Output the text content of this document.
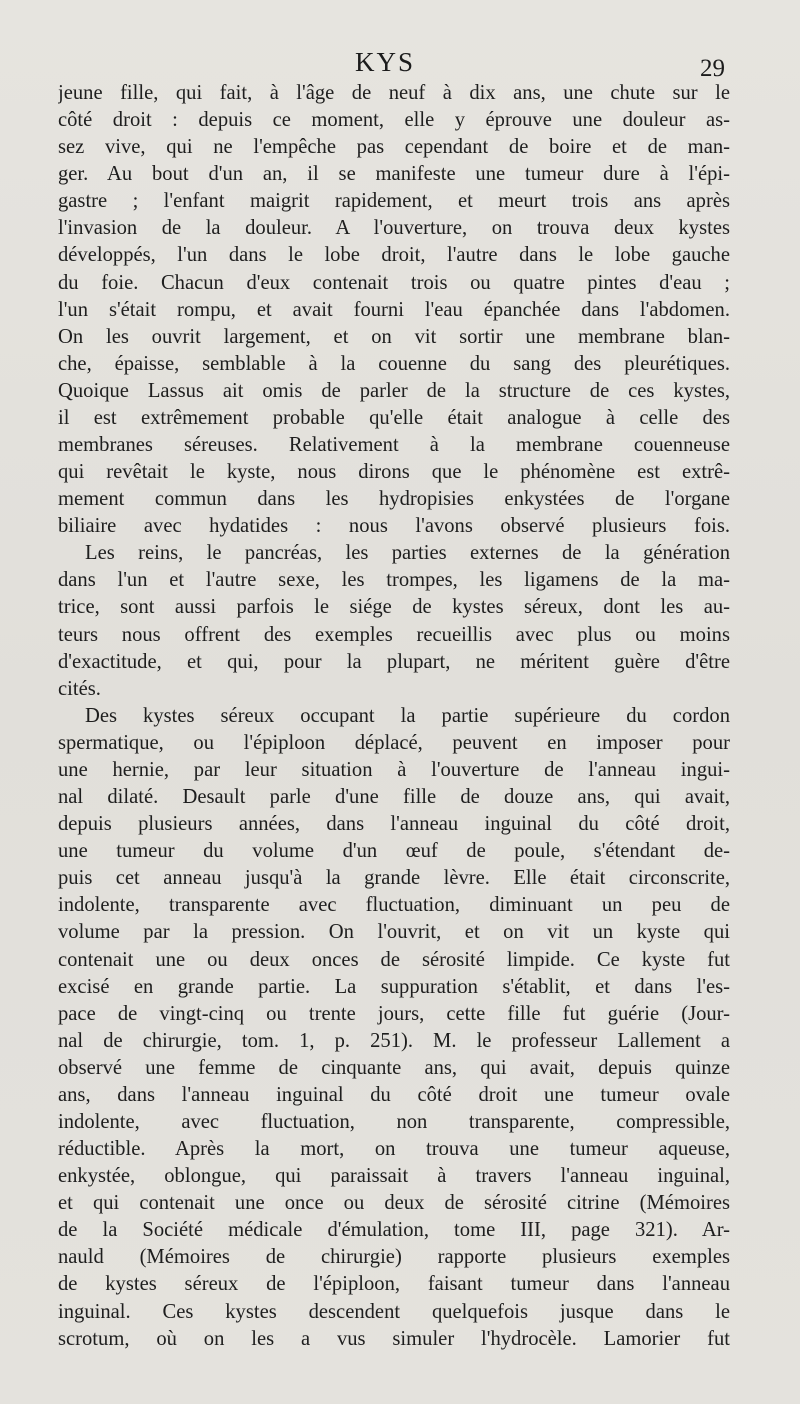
KYS	29
jeune fille, qui fait, à l'âge de neuf à dix ans, une chute sur le
côté droit : depuis ce moment, elle y éprouve une douleur as-
sez vive, qui ne l'empêche pas cependant de boire et de man-
ger. Au bout d'un an, il se manifeste une tumeur dure à l'épi-
gastre ; l'enfant maigrit rapidement, et meurt trois ans après
l'invasion de la douleur. A l'ouverture, on trouva deux kystes
développés, l'un dans le lobe droit, l'autre dans le lobe gauche
du foie. Chacun d'eux contenait trois ou quatre pintes d'eau ;
l'un s'était rompu, et avait fourni l'eau épanchée dans l'abdomen.
On les ouvrit largement, et on vit sortir une membrane blan-
che, épaisse, semblable à la couenne du sang des pleurétiques.
Quoique Lassus ait omis de parler de la structure de ces kystes,
il est extrêmement probable qu'elle était analogue à celle des
membranes séreuses. Relativement à la membrane couenneuse
qui revêtait le kyste, nous dirons que le phénomène est extrê-
mement commun dans les hydropisies enkystées de l'organe
biliaire avec hydatides : nous l'avons observé plusieurs fois.
Les reins, le pancréas, les parties externes de la génération
dans l'un et l'autre sexe, les trompes, les ligamens de la ma-
trice, sont aussi parfois le siége de kystes séreux, dont les au-
teurs nous offrent des exemples recueillis avec plus ou moins
d'exactitude, et qui, pour la plupart, ne méritent guère d'être
cités.
Des kystes séreux occupant la partie supérieure du cordon
spermatique, ou l'épiploon déplacé, peuvent en imposer pour
une hernie, par leur situation à l'ouverture de l'anneau ingui-
nal dilaté. Desault parle d'une fille de douze ans, qui avait,
depuis plusieurs années, dans l'anneau inguinal du côté droit,
une tumeur du volume d'un œuf de poule, s'étendant de-
puis cet anneau jusqu'à la grande lèvre. Elle était circonscrite,
indolente, transparente avec fluctuation, diminuant un peu de
volume par la pression. On l'ouvrit, et on vit un kyste qui
contenait une ou deux onces de sérosité limpide. Ce kyste fut
excisé en grande partie. La suppuration s'établit, et dans l'es-
pace de vingt-cinq ou trente jours, cette fille fut guérie (Jour-
nal de chirurgie, tom. 1, p. 251). M. le professeur Lallement a
observé une femme de cinquante ans, qui avait, depuis quinze
ans, dans l'anneau inguinal du côté droit une tumeur ovale
indolente, avec fluctuation, non transparente, compressible,
réductible. Après la mort, on trouva une tumeur aqueuse,
enkystée, oblongue, qui paraissait à travers l'anneau inguinal,
et qui contenait une once ou deux de sérosité citrine (Mémoires
de la Société médicale d'émulation, tome III, page 321). Ar-
nauld (Mémoires de chirurgie) rapporte plusieurs exemples
de kystes séreux de l'épiploon, faisant tumeur dans l'anneau
inguinal. Ces kystes descendent quelquefois jusque dans le
scrotum, où on les a vus simuler l'hydrocèle. Lamorier fut
